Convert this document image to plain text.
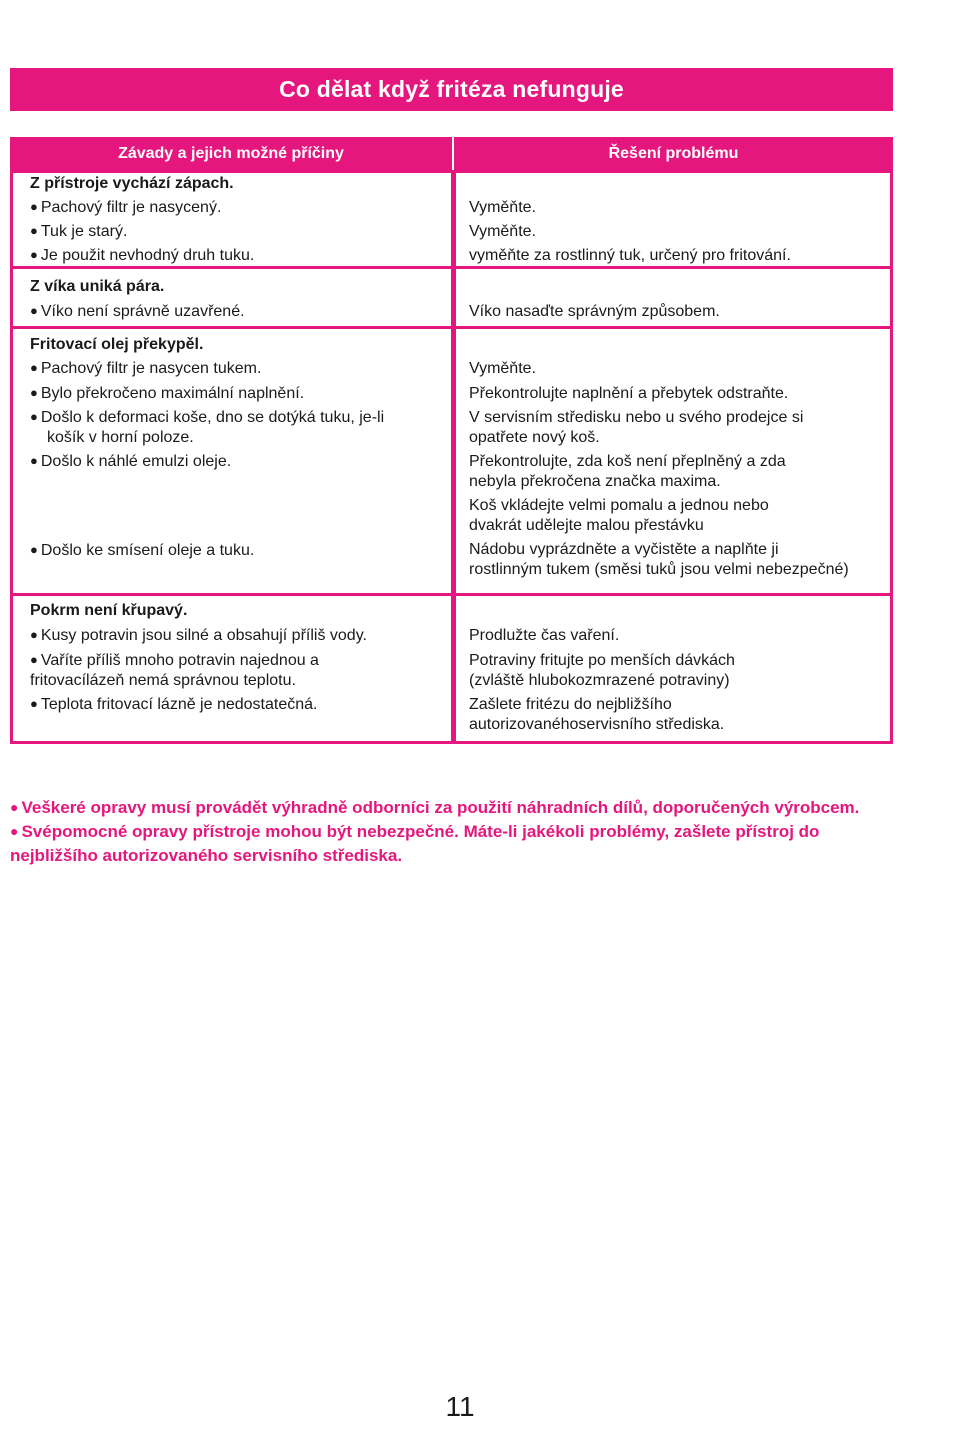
Co dělat když fritéza nefunguje
Závady a jejich možné příčiny	Řešení problému
Z přístroje vychází zápach.
● Pachový filtr je nasycený.
● Tuk je starý.
● Je použit nevhodný druh tuku.
Vyměňte.
Vyměňte.
vyměňte za rostlinný tuk, určený pro fritování.
Z víka uniká pára.
● Víko není správně uzavřené.	Víko nasaďte správným způsobem.
Fritovací olej překypěl.
● Pachový filtr je nasycen tukem.
● Bylo překročeno maximální naplnění.
● Došlo k deformaci koše, dno se dotýká tuku, je-li
košík v horní poloze.
● Došlo k náhlé emulzi oleje.
● Došlo ke smísení oleje a tuku.
Vyměňte.
Překontrolujte naplnění a přebytek odstraňte.
V servisním středisku nebo u svého prodejce si
opatřete nový koš.
Překontrolujte, zda koš není přeplněný a zda
nebyla překročena značka maxima.
Koš vkládejte velmi pomalu a jednou nebo
dvakrát udělejte malou přestávku
Nádobu vyprázdněte a vyčistěte a naplňte ji
rostlinným tukem (směsi tuků jsou velmi nebezpečné)
Pokrm není křupavý.
● Kusy potravin jsou silné a obsahují příliš vody.
● Vaříte příliš mnoho potravin najednou a
fritovacílázeň nemá správnou teplotu.
● Teplota fritovací lázně je nedostatečná.
Prodlužte čas vaření.
Potraviny fritujte po menších dávkách
(zvláště hlubokozmrazené potraviny)
Zašlete fritézu do nejbližšího
autorizovanéhoservisního střediska.

● Veškeré opravy musí provádět výhradně odborníci za použití náhradních dílů, doporučených výrobcem.

● Svépomocné opravy přístroje mohou být nebezpečné. Máte-li jakékoli problémy, zašlete přístroj do nejbližšího autorizovaného servisního střediska.

11
